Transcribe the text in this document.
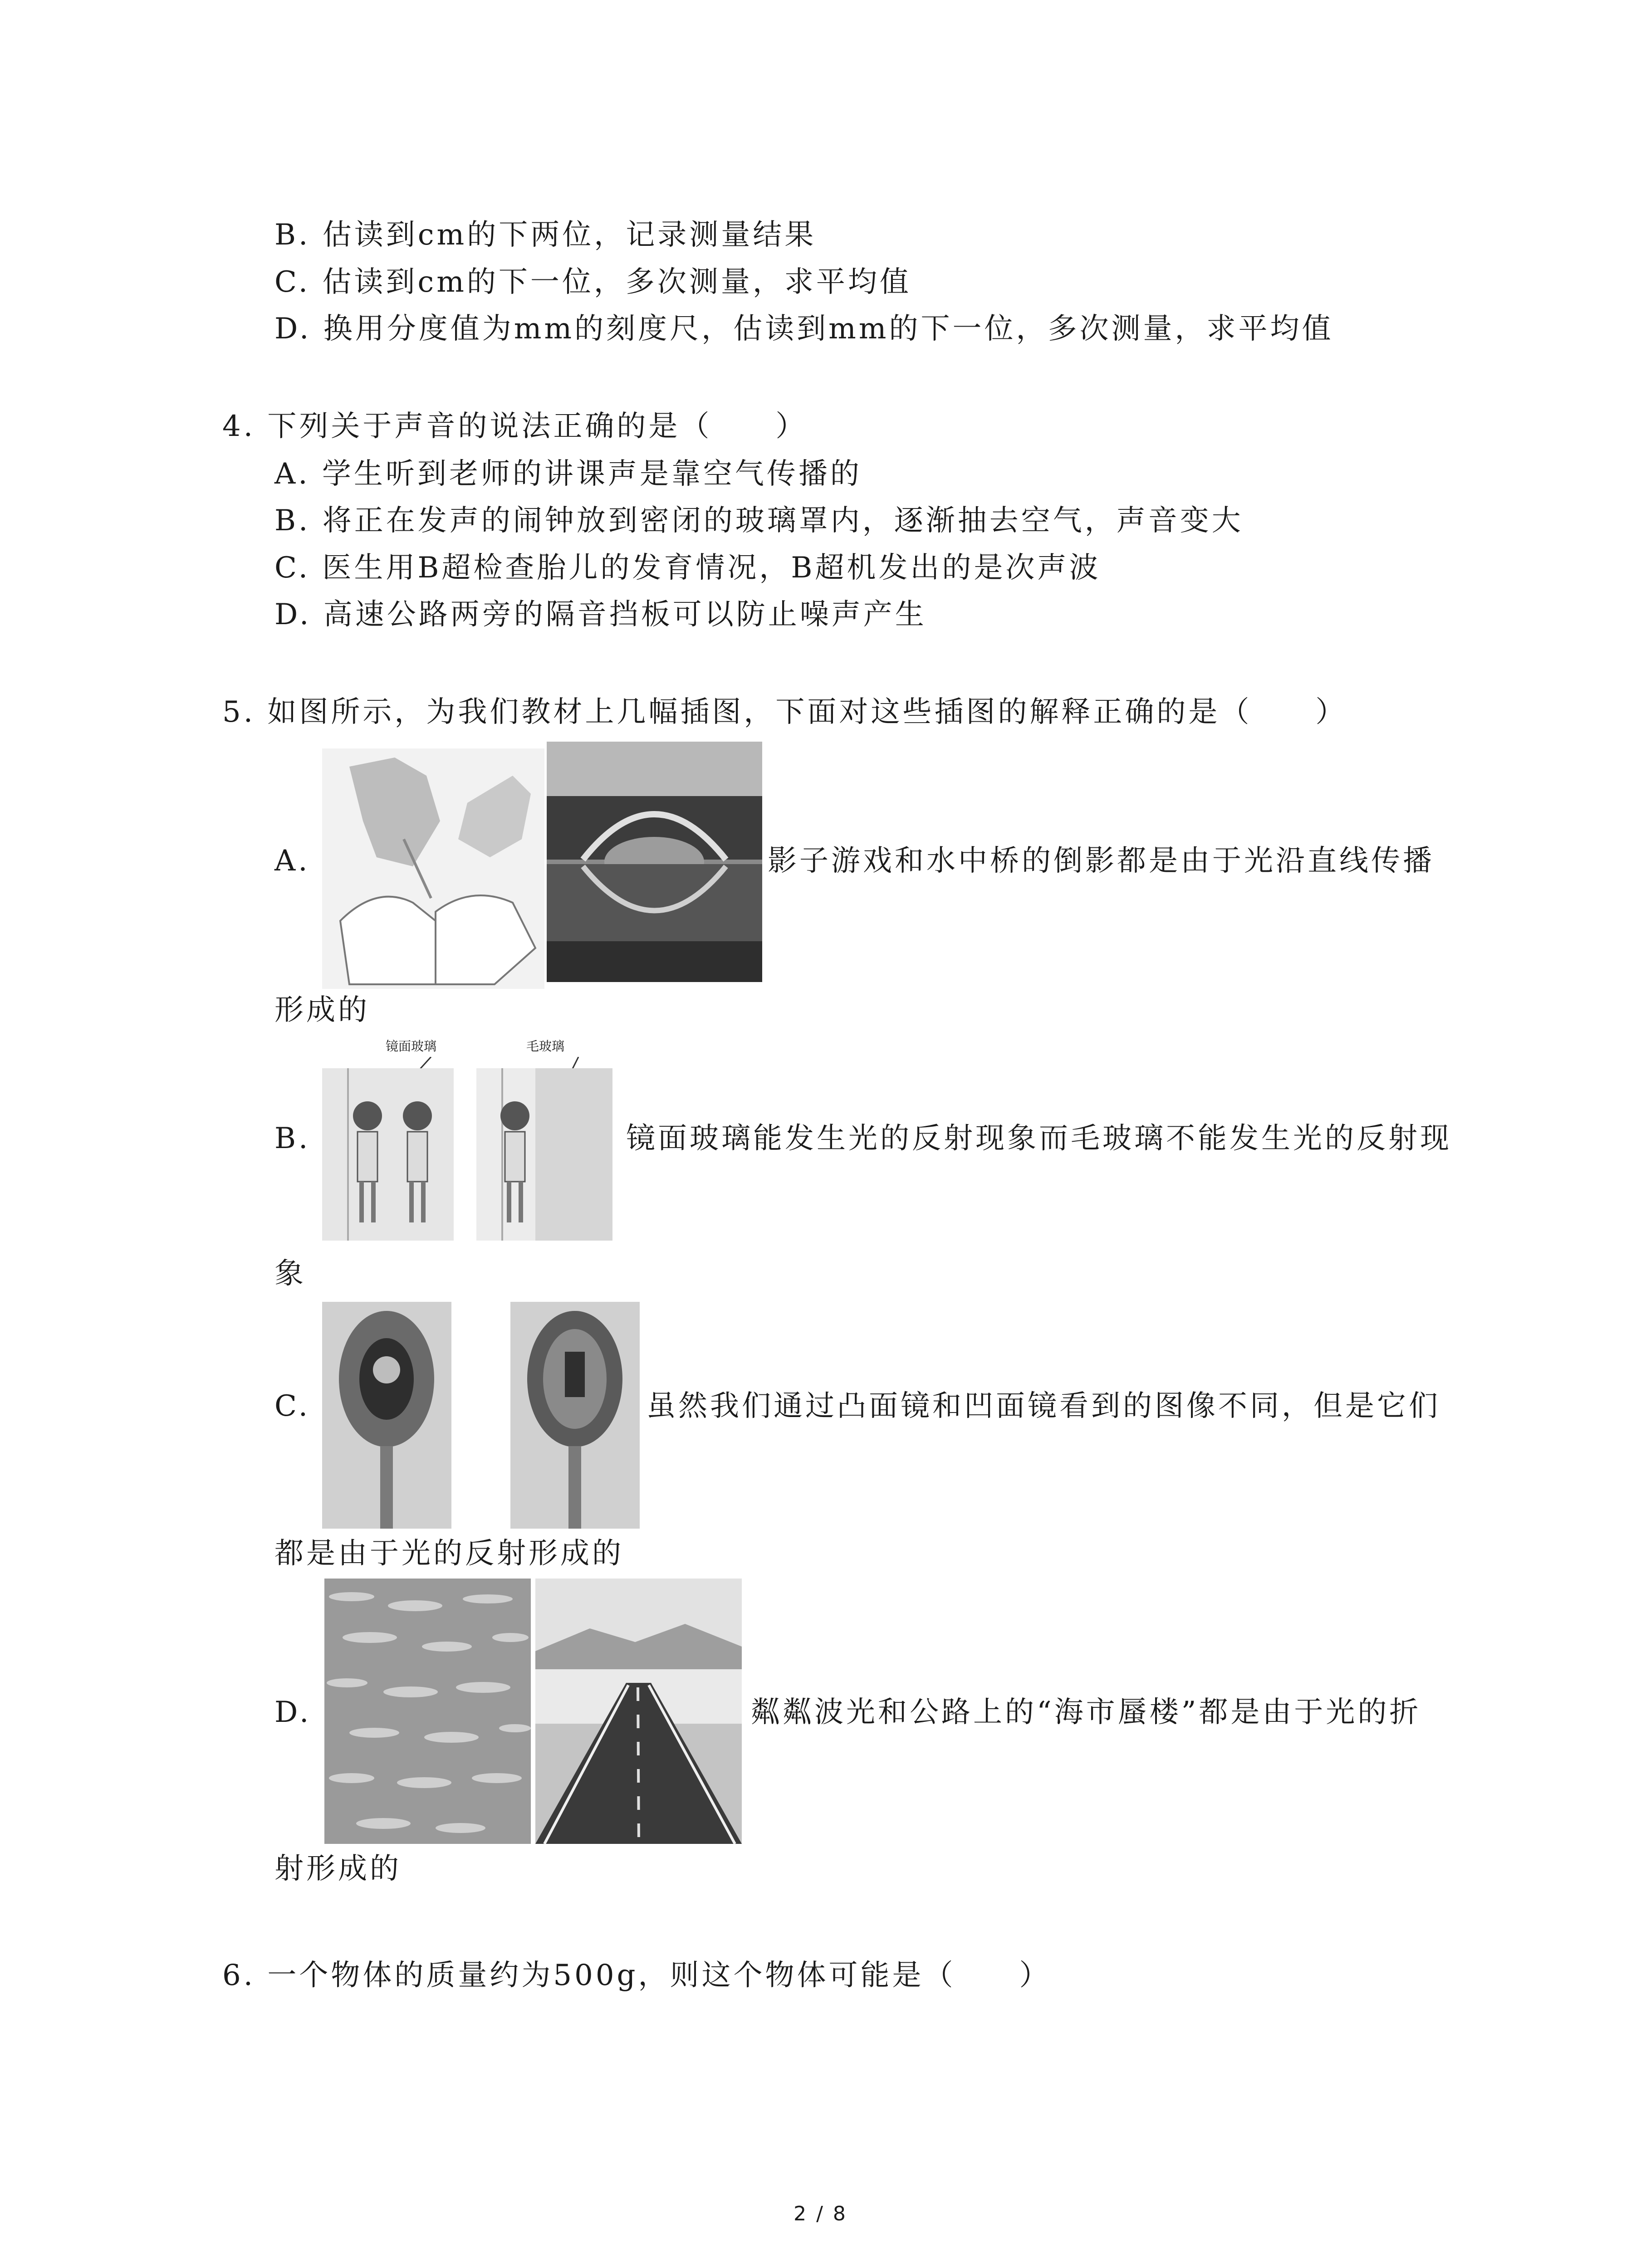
B. 估读到cm的下两位，记录测量结果
C. 估读到cm的下一位，多次测量，求平均值
D. 换用分度值为mm的刻度尺，估读到mm的下一位，多次测量，求平均值
4. 下列关于声音的说法正确的是（　　）
A. 学生听到老师的讲课声是靠空气传播的
B. 将正在发声的闹钟放到密闭的玻璃罩内，逐渐抽去空气，声音变大
C. 医生用B超检查胎儿的发育情况，B超机发出的是次声波
D. 高速公路两旁的隔音挡板可以防止噪声产生
5. 如图所示，为我们教材上几幅插图，下面对这些插图的解释正确的是（　　）
A.	影子游戏和水中桥的倒影都是由于光沿直线传播
形成的
B.
镜面玻璃	毛玻璃
镜面玻璃能发生光的反射现象而毛玻璃不能发生光的反射现
象
C.	虽然我们通过凸面镜和凹面镜看到的图像不同，但是它们
都是由于光的反射形成的
D.	粼粼波光和公路上的“海市蜃楼”都是由于光的折
射形成的
6. 一个物体的质量约为500g，则这个物体可能是（　　）
2 / 8
